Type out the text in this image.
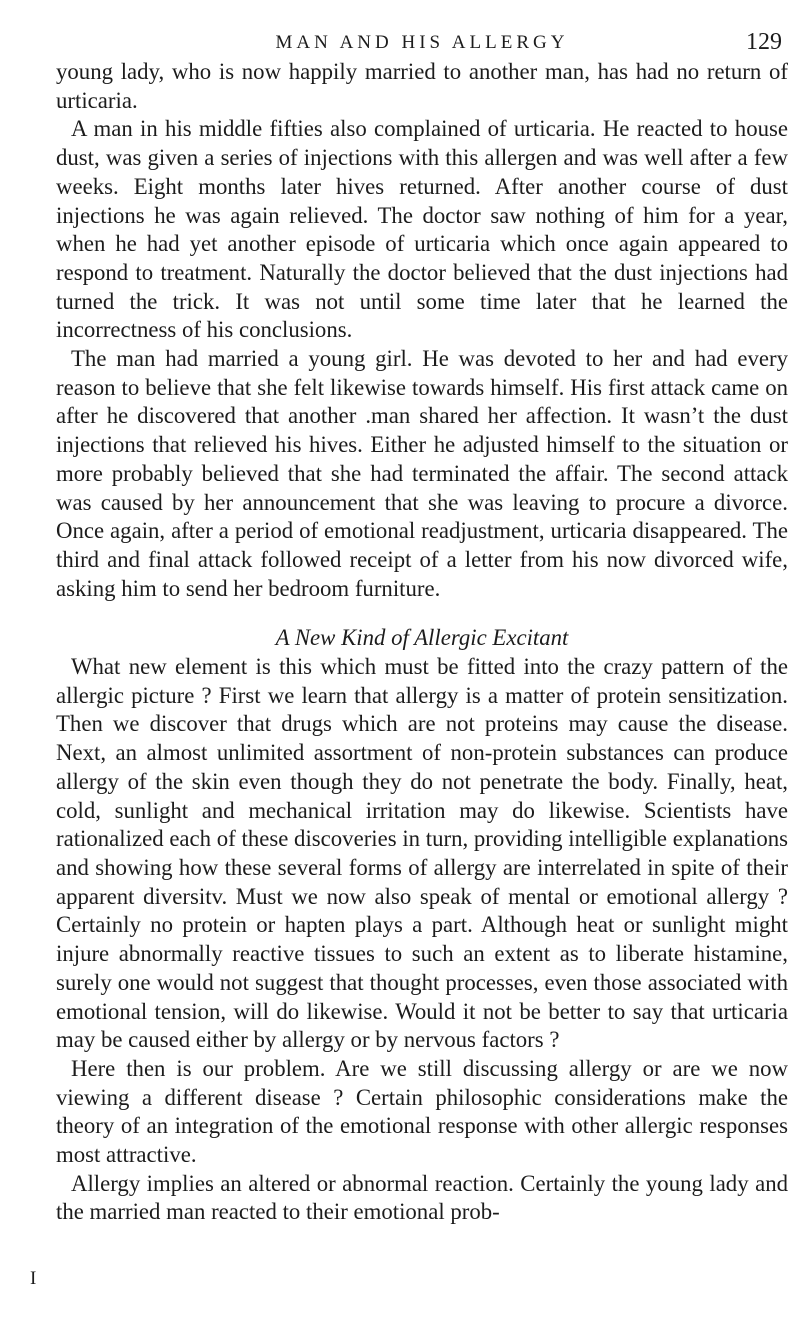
MAN AND HIS ALLERGY	129

young lady, who is now happily married to another man, has had no return of urticaria.

A man in his middle fifties also complained of urticaria. He reacted to house dust, was given a series of injections with this allergen and was well after a few weeks. Eight months later hives returned. After another course of dust injections he was again relieved. The doctor saw nothing of him for a year, when he had yet another episode of urticaria which once again appeared to respond to treatment. Naturally the doctor believed that the dust injections had turned the trick. It was not until some time later that he learned the incorrectness of his conclusions.

The man had married a young girl. He was devoted to her and had every reason to believe that she felt likewise towards himself. His first attack came on after he discovered that another .man shared her affection. It wasn’t the dust injections that relieved his hives. Either he adjusted himself to the situation or more probably believed that she had terminated the affair. The second attack was caused by her announcement that she was leaving to procure a divorce. Once again, after a period of emotional readjustment, urticaria disappeared. The third and final attack followed receipt of a letter from his now divorced wife, asking him to send her bedroom furniture.

A New Kind of Allergic Excitant

What new element is this which must be fitted into the crazy pattern of the allergic picture ? First we learn that allergy is a matter of protein sensitization. Then we discover that drugs which are not proteins may cause the disease. Next, an almost unlimited assortment of non-protein substances can produce allergy of the skin even though they do not penetrate the body. Finally, heat, cold, sunlight and mechanical irritation may do likewise. Scientists have rationalized each of these discoveries in turn, providing intelligible explanations and showing how these several forms of allergy are interrelated in spite of their apparent diversitv. Must we now also speak of mental or emotional allergy ? Certainly no protein or hapten plays a part. Although heat or sunlight might injure abnormally reactive tissues to such an extent as to liberate histamine, surely one would not suggest that thought processes, even those associated with emotional tension, will do likewise. Would it not be better to say that urticaria may be caused either by allergy or by nervous factors ?

Here then is our problem. Are we still discussing allergy or are we now viewing a different disease ? Certain philosophic considerations make the theory of an integration of the emotional response with other allergic responses most attractive.

Allergy implies an altered or abnormal reaction. Certainly the young lady and the married man reacted to their emotional prob-

I
